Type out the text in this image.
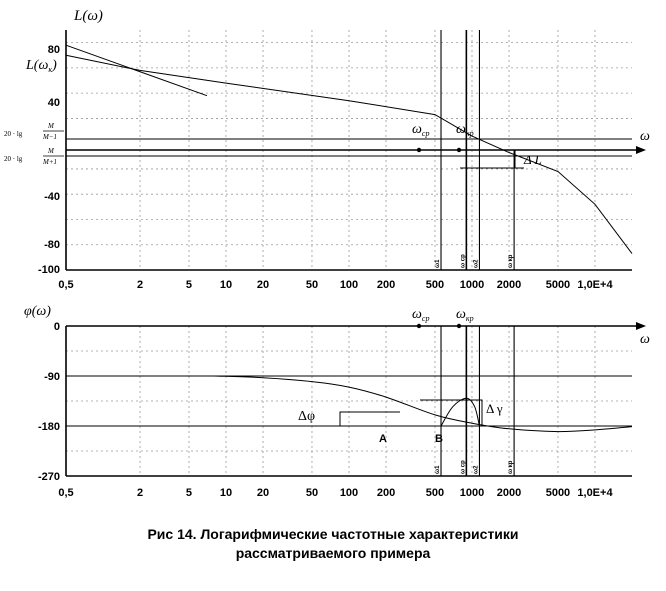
L(ω)
80
40
-40
-80
-100
$L(\omega_к)$
20 · lg
M
M−1
20 · lg
M
M+1
$\omega_{ср}$ $\omega_{кр}$	ω
Δ L
0,5	2	5	10 20	50 100 200	500 1000 2000 5000 1,0E+4
ω1	ω ср ω2	ω кр
φ(ω)
0
-90
-180
-270
$\omega_{ср}$ $\omega_{кр}$
ω
Δφ
Δ γ
A	B
0,5	2	5	10 20	50 100 200	500 1000 2000 5000 1,0E+4
ω1	ω ср ω2	ω кр
Рис 14. Логарифмические частотные характеристики
рассматриваемого примера
